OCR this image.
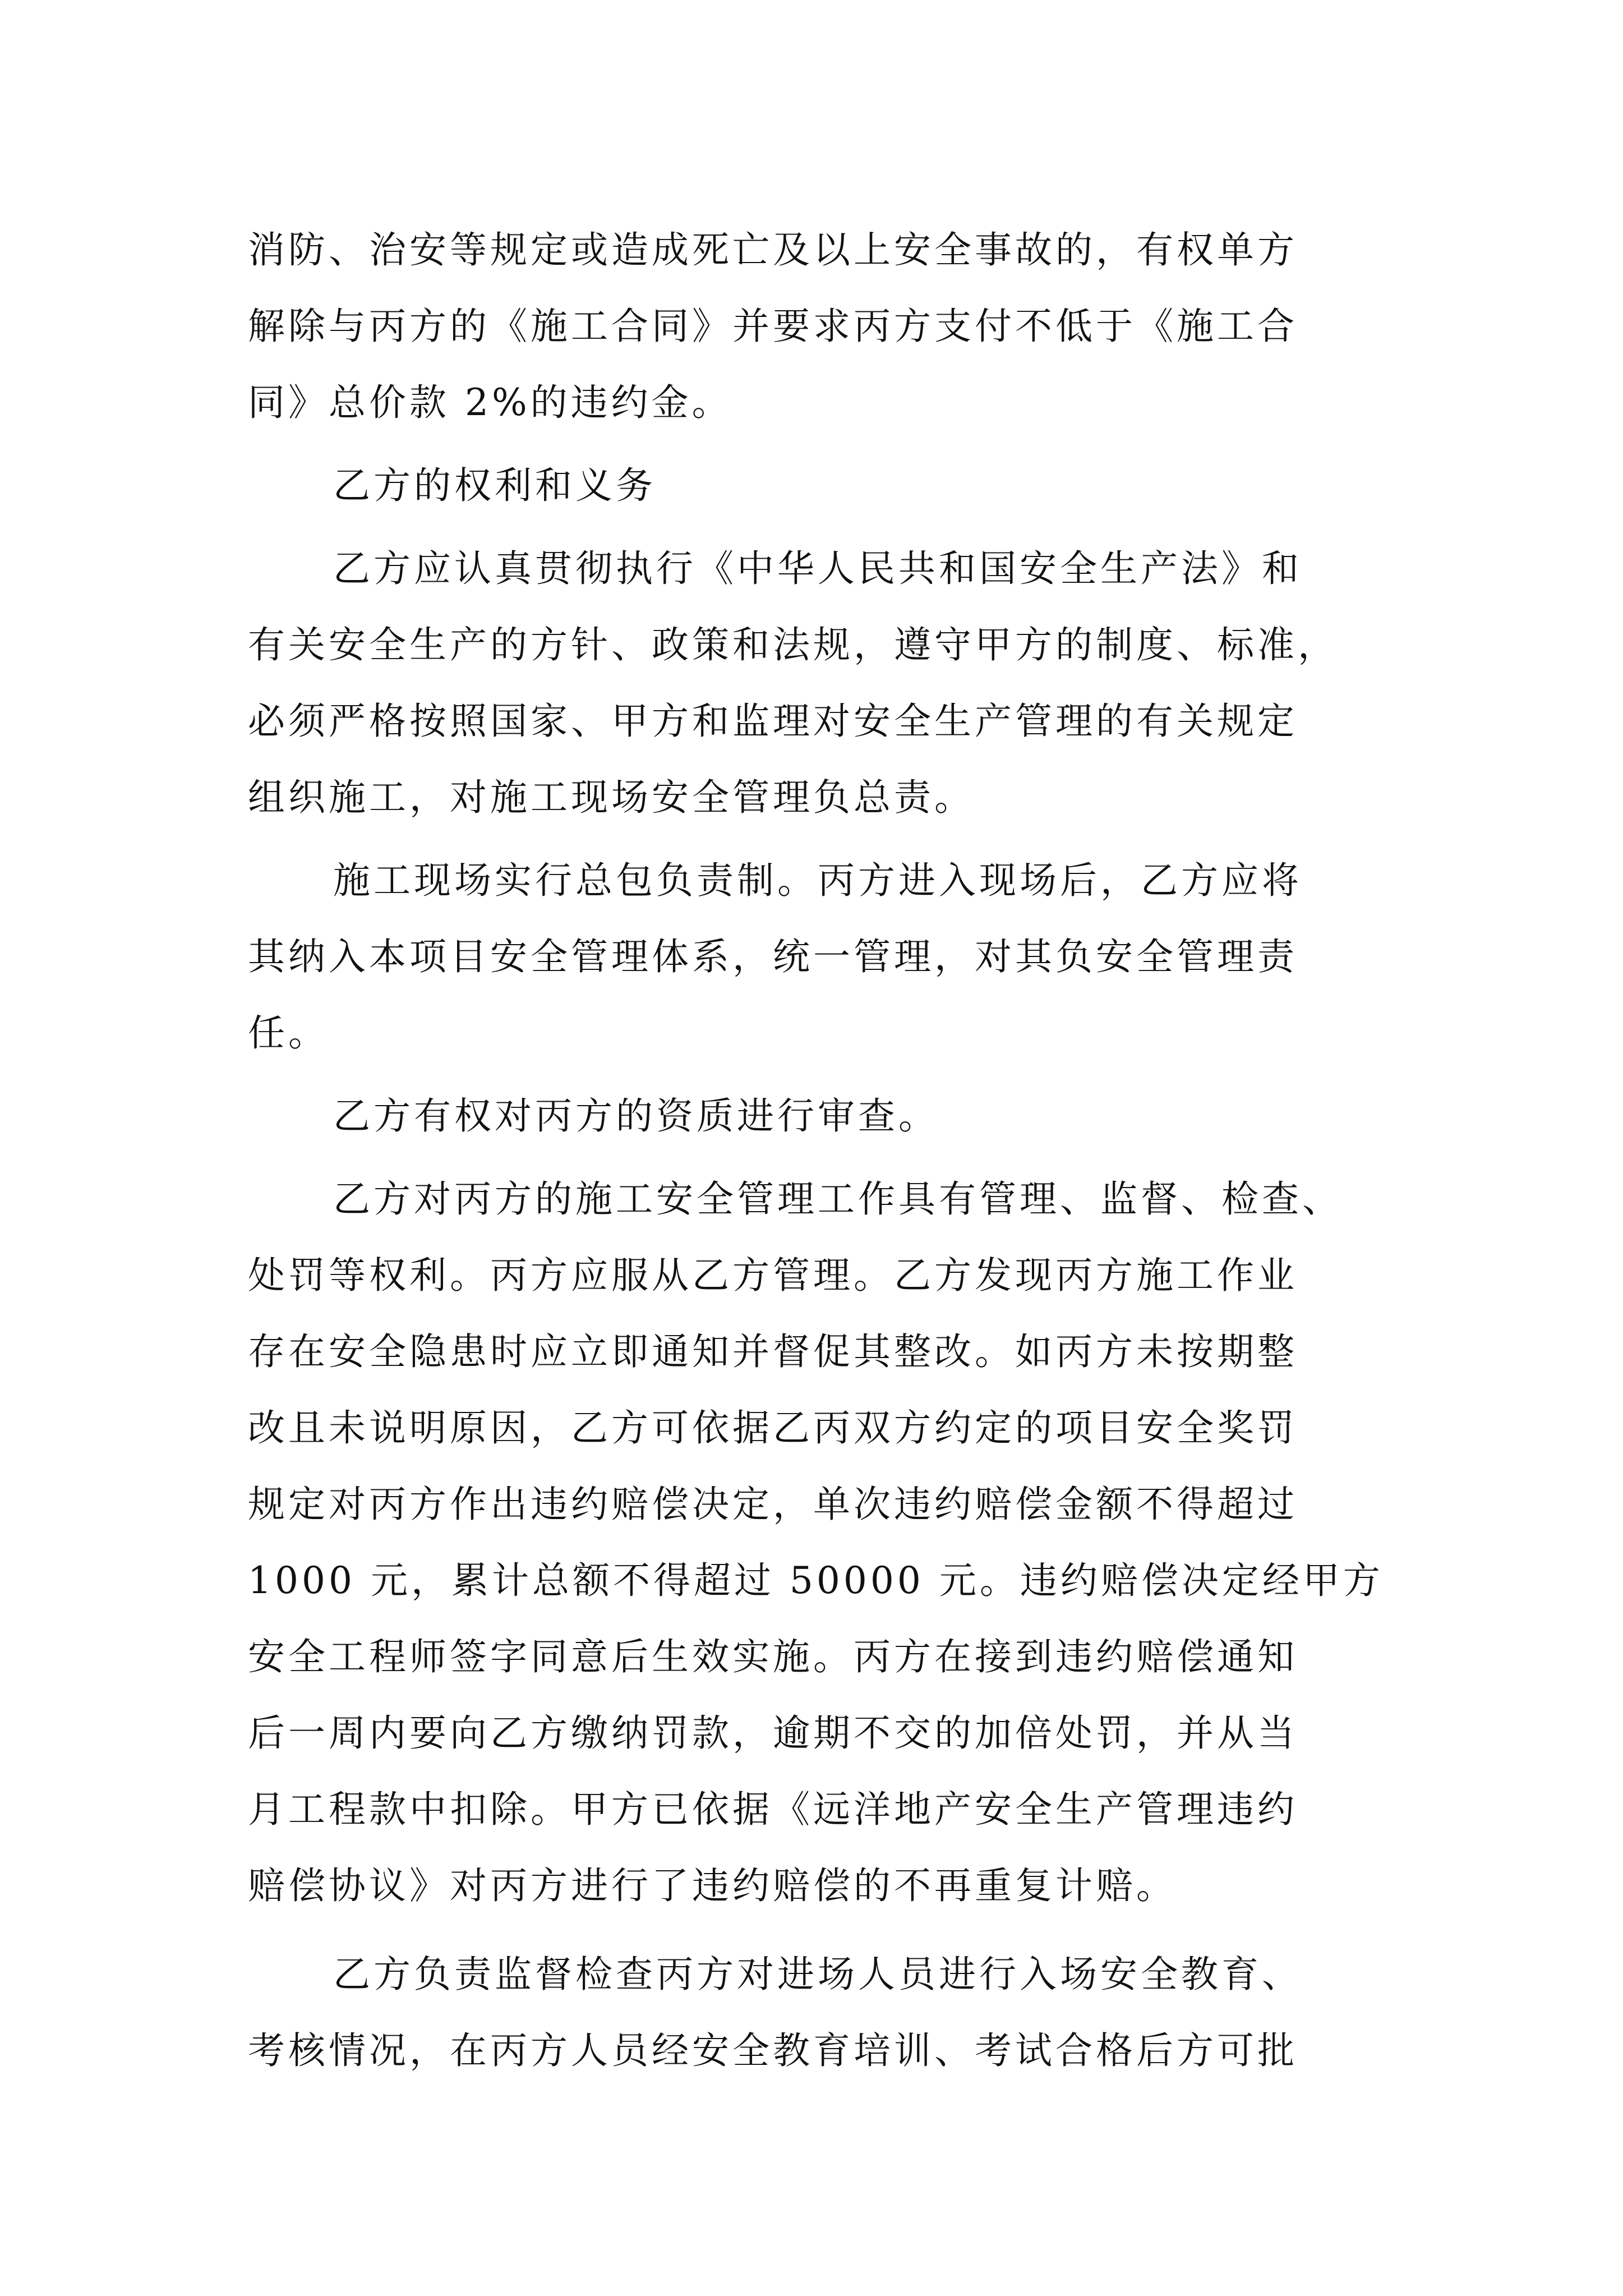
消防、治安等规定或造成死亡及以上安全事故的，有权单方
解除与丙方的《施工合同》并要求丙方支付不低于《施工合
同》总价款 2%的违约金。
乙方的权利和义务
乙方应认真贯彻执行《中华人民共和国安全生产法》和
有关安全生产的方针、政策和法规，遵守甲方的制度、标准，
必须严格按照国家、甲方和监理对安全生产管理的有关规定
组织施工，对施工现场安全管理负总责。
施工现场实行总包负责制。丙方进入现场后，乙方应将
其纳入本项目安全管理体系，统一管理，对其负安全管理责
任。
乙方有权对丙方的资质进行审查。
乙方对丙方的施工安全管理工作具有管理、监督、检查、
处罚等权利。丙方应服从乙方管理。乙方发现丙方施工作业
存在安全隐患时应立即通知并督促其整改。如丙方未按期整
改且未说明原因，乙方可依据乙丙双方约定的项目安全奖罚
规定对丙方作出违约赔偿决定，单次违约赔偿金额不得超过
1000 元，累计总额不得超过 50000 元。违约赔偿决定经甲方
安全工程师签字同意后生效实施。丙方在接到违约赔偿通知
后一周内要向乙方缴纳罚款，逾期不交的加倍处罚，并从当
月工程款中扣除。甲方已依据《远洋地产安全生产管理违约
赔偿协议》对丙方进行了违约赔偿的不再重复计赔。
乙方负责监督检查丙方对进场人员进行入场安全教育、
考核情况，在丙方人员经安全教育培训、考试合格后方可批
